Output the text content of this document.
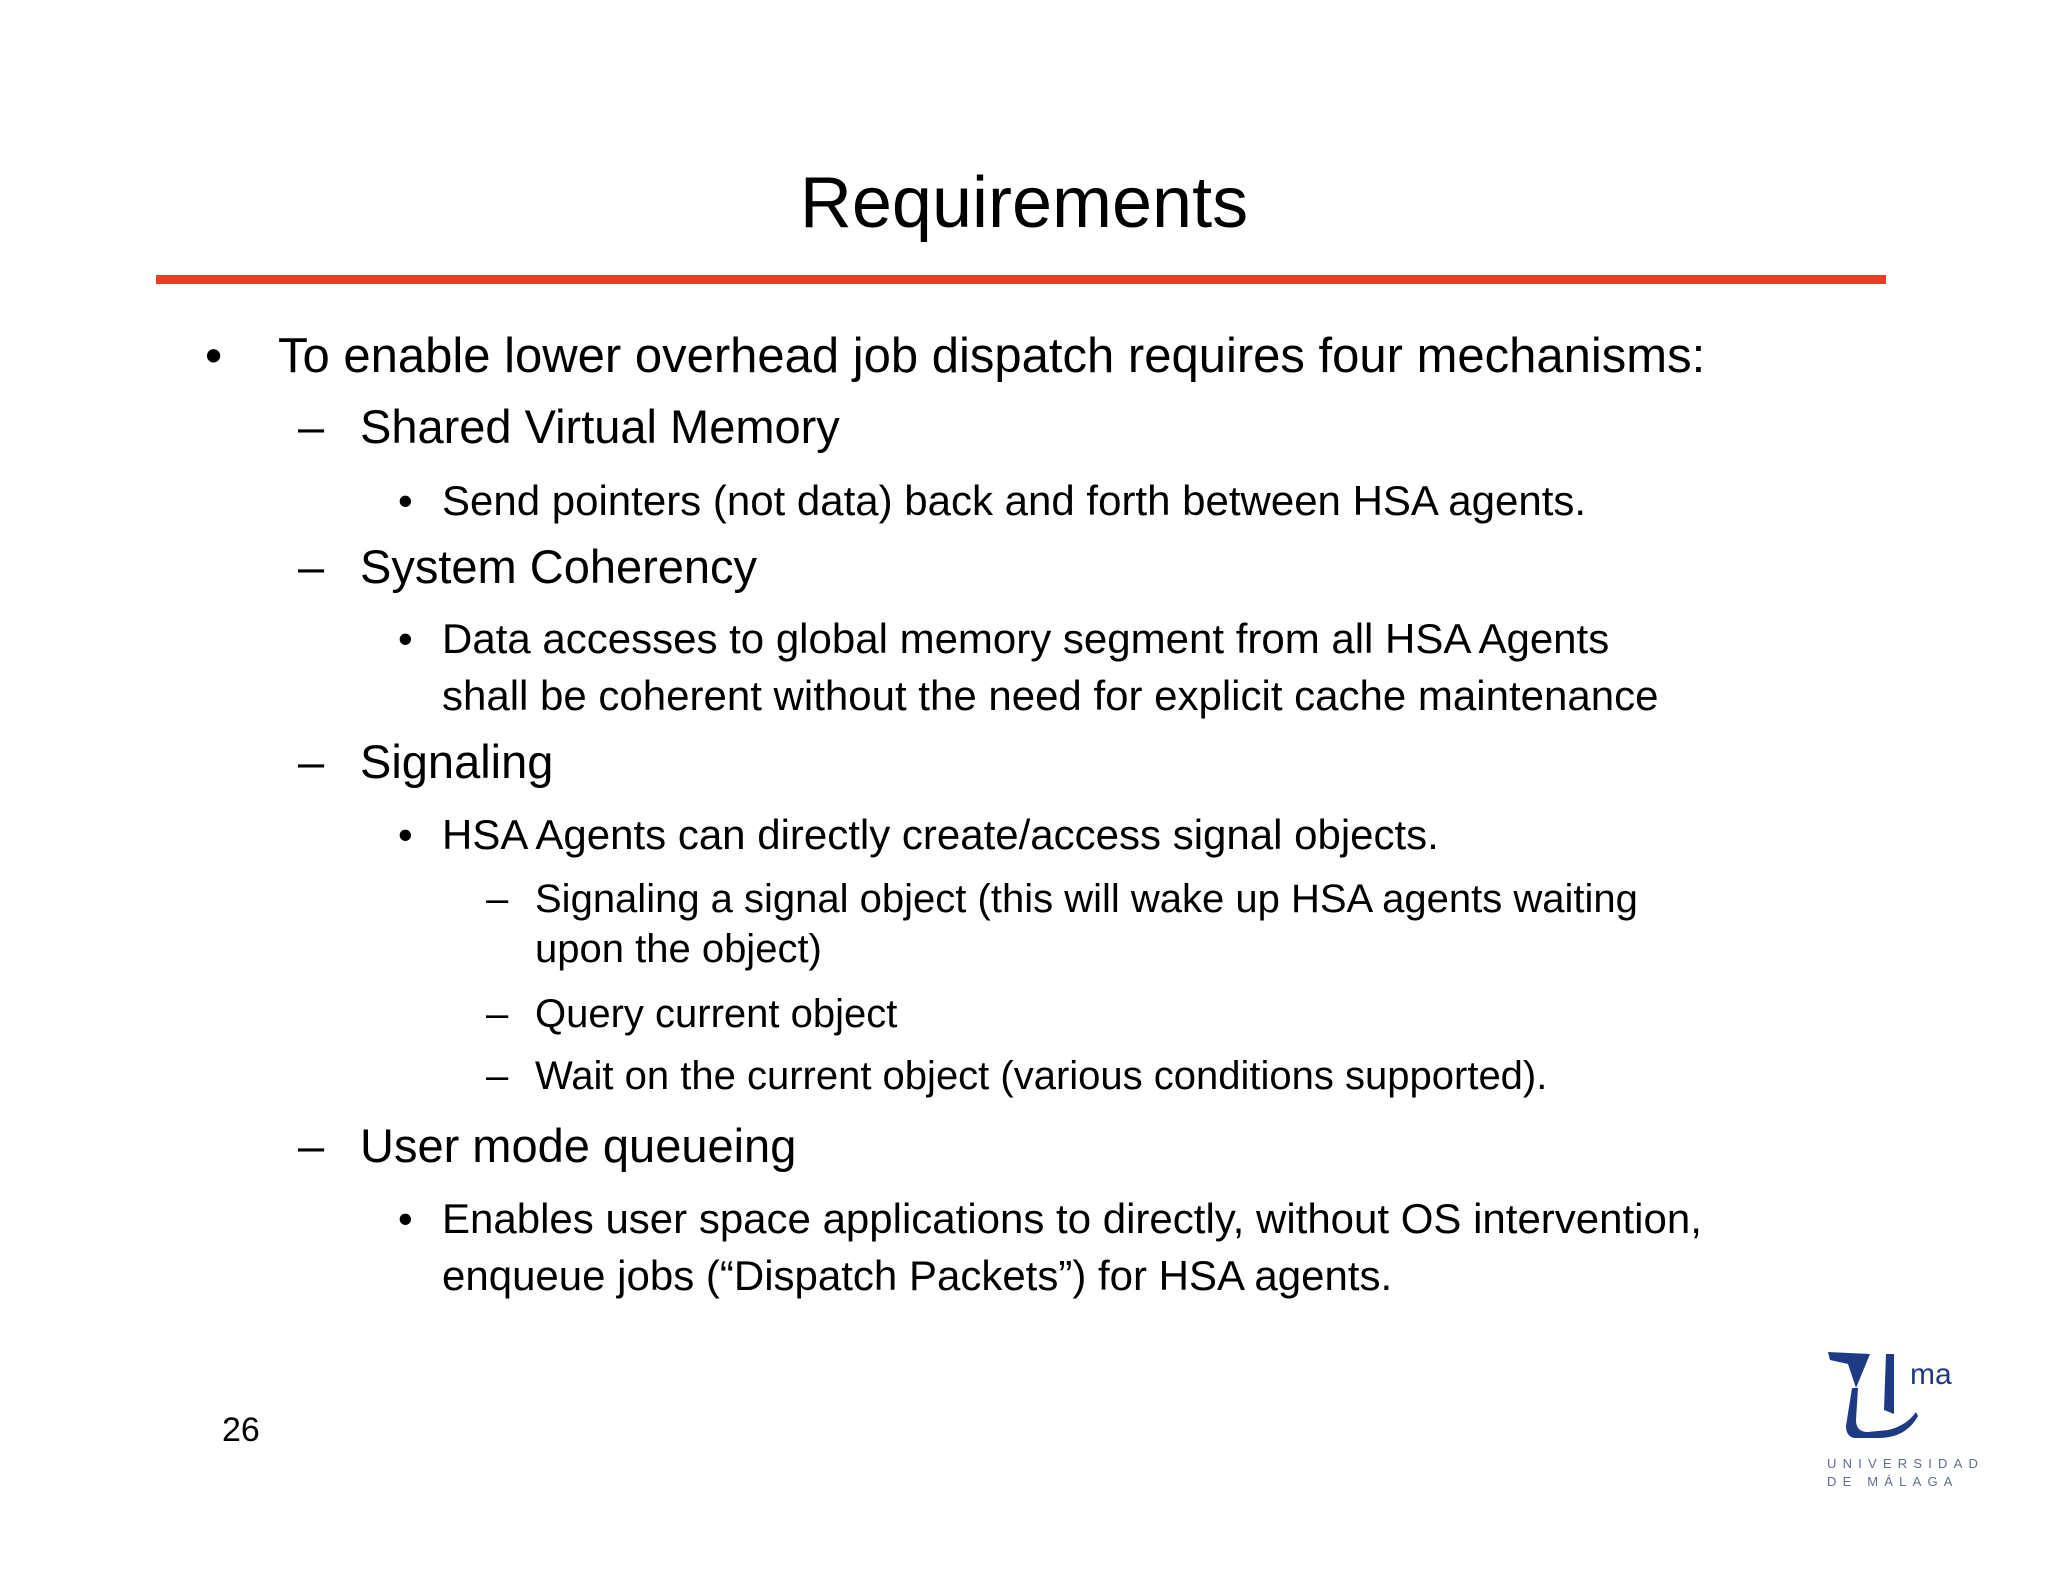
Requirements
• To enable lower overhead job dispatch requires four mechanisms:
– Shared Virtual Memory
• Send pointers (not data) back and forth between HSA agents.
– System Coherency
• Data accesses to global memory segment from all HSA Agents
shall be coherent without the need for explicit cache maintenance
– Signaling
• HSA Agents can directly create/access signal objects.
– Signaling a signal object (this will wake up HSA agents waiting
upon the object)
– Query current object
– Wait on the current object (various conditions supported).
– User mode queueing
• Enables user space applications to directly, without OS intervention,
enqueue jobs (“Dispatch Packets”) for HSA agents.
26
ma
UNIVERSIDAD
DE MÁLAGA
